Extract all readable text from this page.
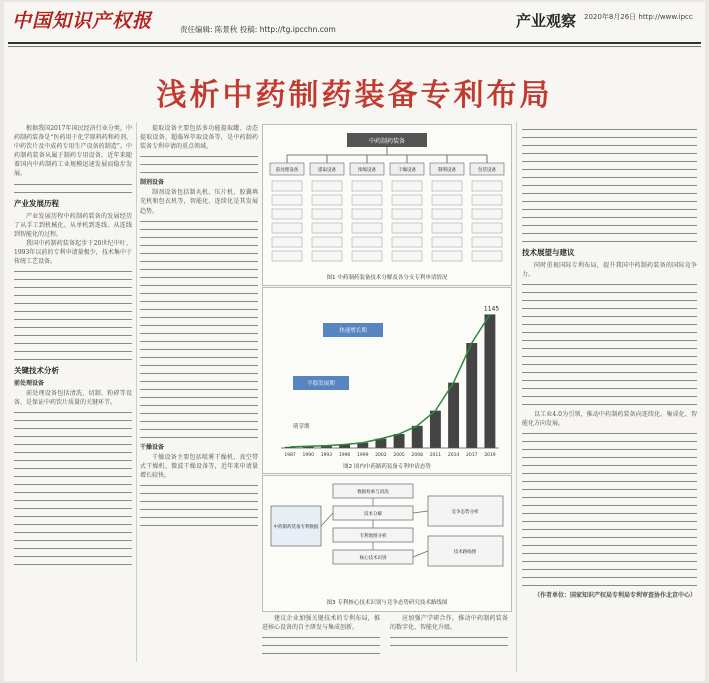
中国知识产权报	责任编辑: 陈景秋 投稿: http://tg.ipcchn.com	产业观察 2020年8月26日 http://www.ipcc
浅析中药制药装备专利布局

根据我国2017年国民经济行业分类，中药制药装备是“医药用于化学原料药和药剂、中药饮片及中成药专用生产设备的制造”。中药制药装备从属于制药专用设备，近年来随着国内中药制药工业规模迅速发展而稳步发展。

产业发展历程

产业发展历程中药制药装备的发展经历了从手工到机械化、从单机到连线、从连线到智能化的过程。

我国中药制药装备起步于20世纪中叶，1993年以前的专利申请量极少，技术集中于传统工艺设备。

关键技术分析
前处理设备

前处理设备包括清洗、切制、粉碎等设备，是保证中药饮片质量的关键环节。

提取设备主要包括多功能提取罐、动态提取设备、超临界萃取设备等，是中药制药装备专利申请的重点领域。

制剂设备

制剂设备包括制丸机、压片机、胶囊填充机和包衣机等，智能化、连续化是其发展趋势。

干燥设备

干燥设备主要包括喷雾干燥机、真空带式干燥机、微波干燥设备等，近年来申请量增长较快。

中药制药装备
前处理设备	提取设备	浓缩设备	干燥设备	制剂设备	包装设备
图1 中药制药装备技术分解及各分支专利申请情况
1987 1990 1993 1996 1999 2002 2005 2008 2011 2014 2017 2019
1145
快速增长期
平稳发展期
萌芽期
图2 国内中药制药装备专利申请态势
中药制药装备专利数据
数据检索与清洗
技术分解
专利地图分析
核心技术识别
竞争态势分析
技术路线图
图3 专利核心技术识别与竞争态势研究技术路线图

建议企业加强关键技术的专利布局，推进核心设备的自主研发与集成创新。

应加强产学研合作，推动中药制药装备的数字化、智能化升级。

技术展望与建议

同时重视国际专利布局，提升我国中药制药装备的国际竞争力。

以工业4.0为引领，推动中药制药装备向连续化、集成化、智能化方向发展。

（作者单位：国家知识产权局专利局专利审查协作北京中心）
